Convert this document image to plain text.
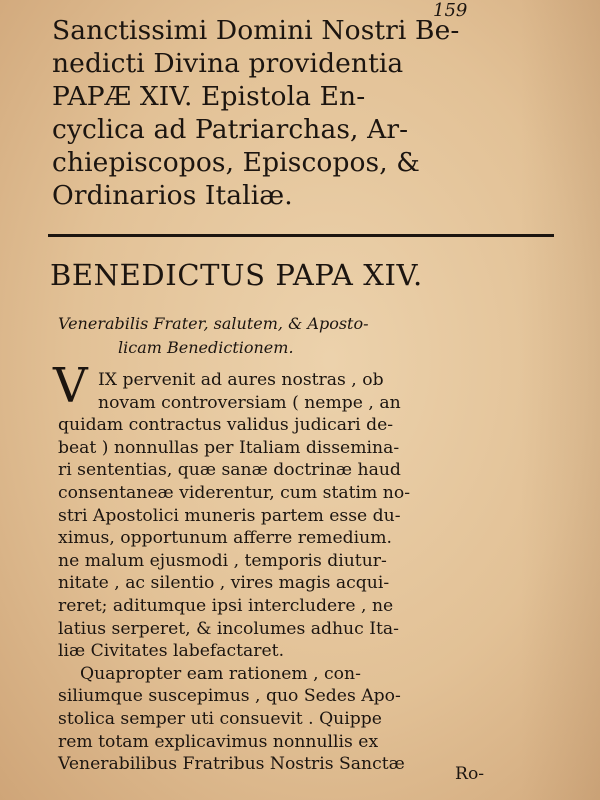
159
Sanctissimi Domini Nostri Be-
nedicti Divina providentia
PAPÆ XIV. Epistola En-
cyclica ad Patriarchas, Ar-
chiepiscopos, Episcopos, &
Ordinarios Italiæ.
BENEDICTUS PAPA XIV.
Venerabilis Frater, salutem, & Apostо-
licam Benedictionem.
V IX pervenit ad aures nostras , ob
novam controversiam ( nempe , an
quidam contractus validus judicari de-
beat ) nonnullas per Italiam dissemina-
ri sententias, quæ sanæ doctrinæ haud
consentaneæ viderentur, cum statim no-
stri Apostolici muneris partem esse du-
ximus, opportunum afferre remedium.
ne malum ejusmodi , temporis diutur-
nitate , ac silentio , vires magis acqui-
reret; aditumque ipsi intercludere , ne
latius serperet, & incolumes adhuc Ita-
liæ Civitates labefactaret.
Quapropter eam rationem , con-
siliumque suscepimus , quo Sedes Apo-
stolica semper uti consuevit . Quippe
rem totam explicavimus nonnullis ex
Venerabilibus Fratribus Nostris Sanctæ	Ro-
